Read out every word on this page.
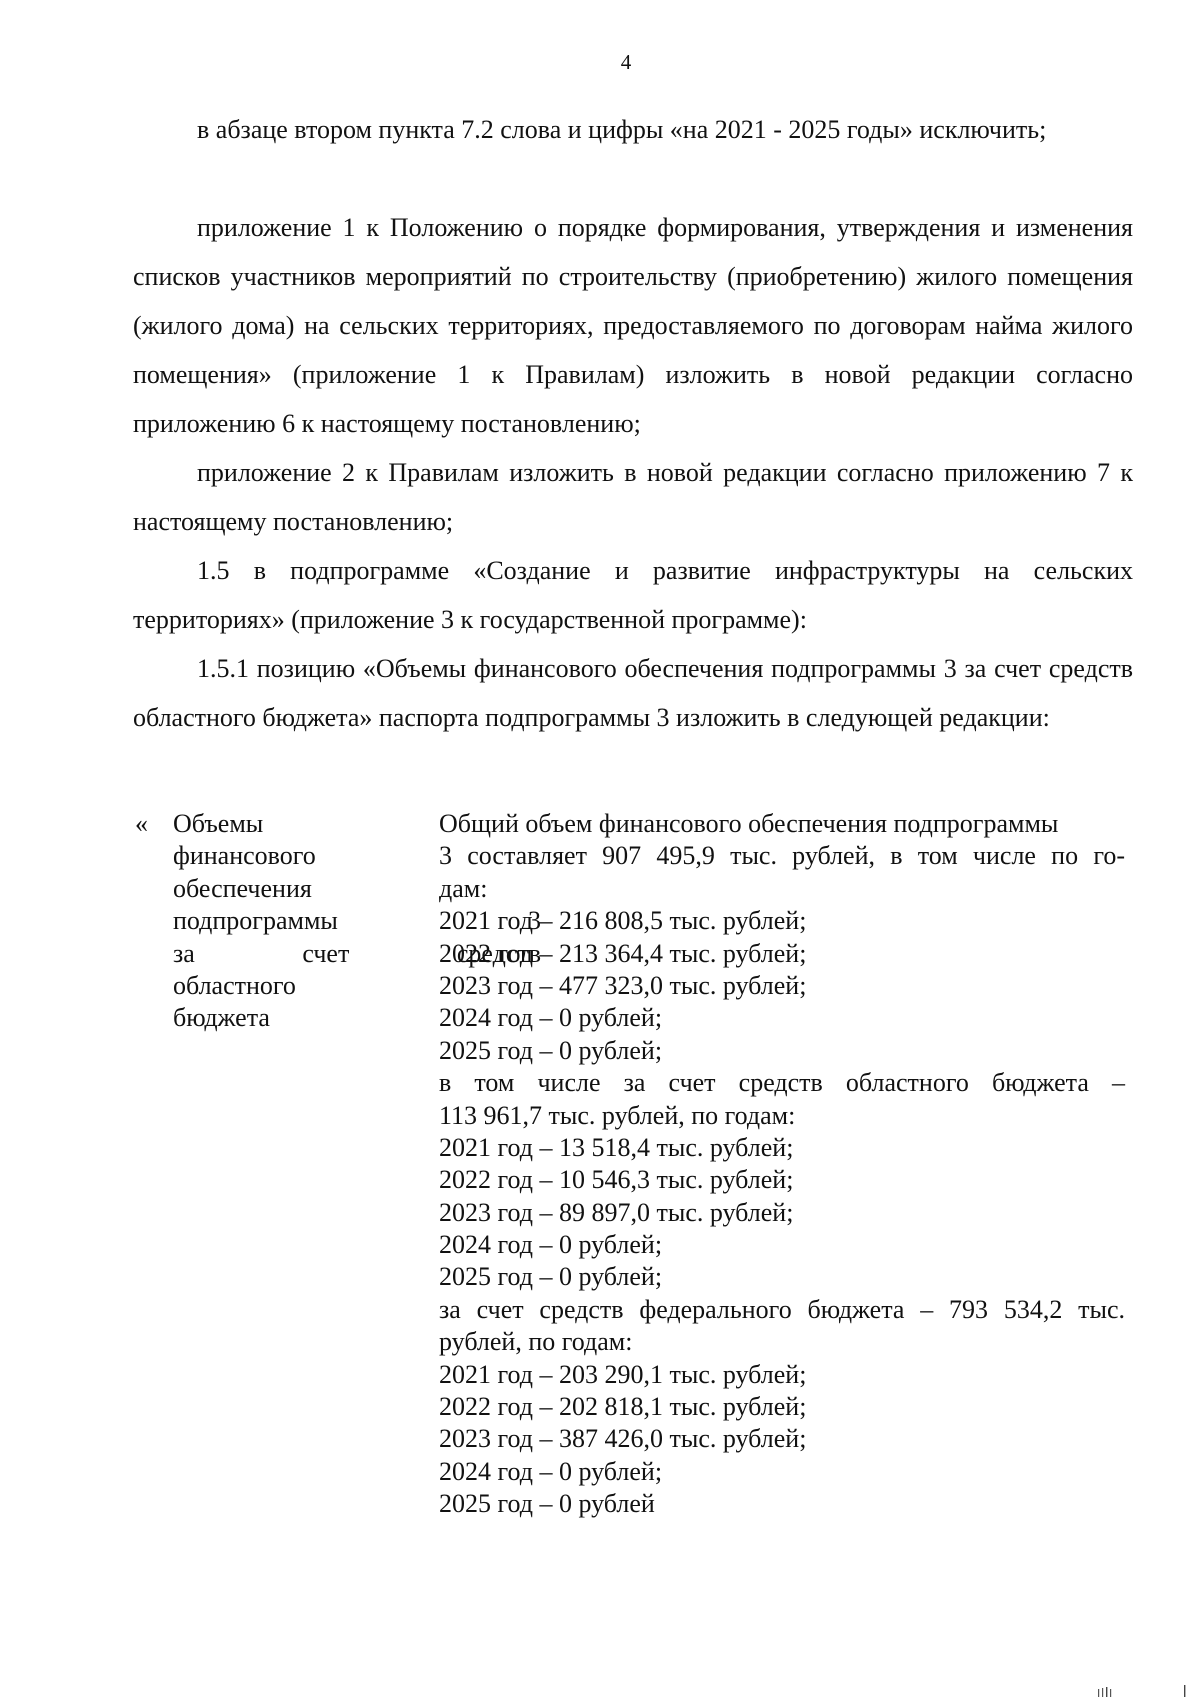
4

в абзаце втором пункта 7.2 слова и цифры «на 2021 - 2025 годы» исключить;

приложение 1 к Положению о порядке формирования, утверждения и изменения списков участников мероприятий по строительству (приобретению) жилого помещения (жилого дома) на сельских территориях, предоставляемого по договорам найма жилого помещения» (приложение 1 к Правилам) изложить в новой редакции согласно приложению 6 к настоящему постановлению;

приложение 2 к Правилам изложить в новой редакции согласно приложению 7 к настоящему постановлению;

1.5 в подпрограмме «Создание и развитие инфраструктуры на сельских территориях» (приложение 3 к государственной программе):

1.5.1 позицию «Объемы финансового обеспечения подпрограммы 3 за счет средств областного бюджета» паспорта подпрограммы 3 изложить в следующей редакции:

« Объемы
финансового
обеспечения
подпрограммы 3
за счет средств
областного
бюджета
Общий объем финансового обеспечения подпрограммы
3 составляет 907 495,9 тыс. рублей, в том числе по го-
дам:
2021 год – 216 808,5 тыс. рублей;
2022 год – 213 364,4 тыс. рублей;
2023 год – 477 323,0 тыс. рублей;
2024 год – 0 рублей;
2025 год – 0 рублей;
в том числе за счет средств областного бюджета –
113 961,7 тыс. рублей, по годам:
2021 год – 13 518,4 тыс. рублей;
2022 год – 10 546,3 тыс. рублей;
2023 год – 89 897,0 тыс. рублей;
2024 год – 0 рублей;
2025 год – 0 рублей;
за счет средств федерального бюджета – 793 534,2 тыс.
рублей, по годам:
2021 год – 203 290,1 тыс. рублей;
2022 год – 202 818,1 тыс. рублей;
2023 год – 387 426,0 тыс. рублей;
2024 год – 0 рублей;
2025 год – 0 рублей
